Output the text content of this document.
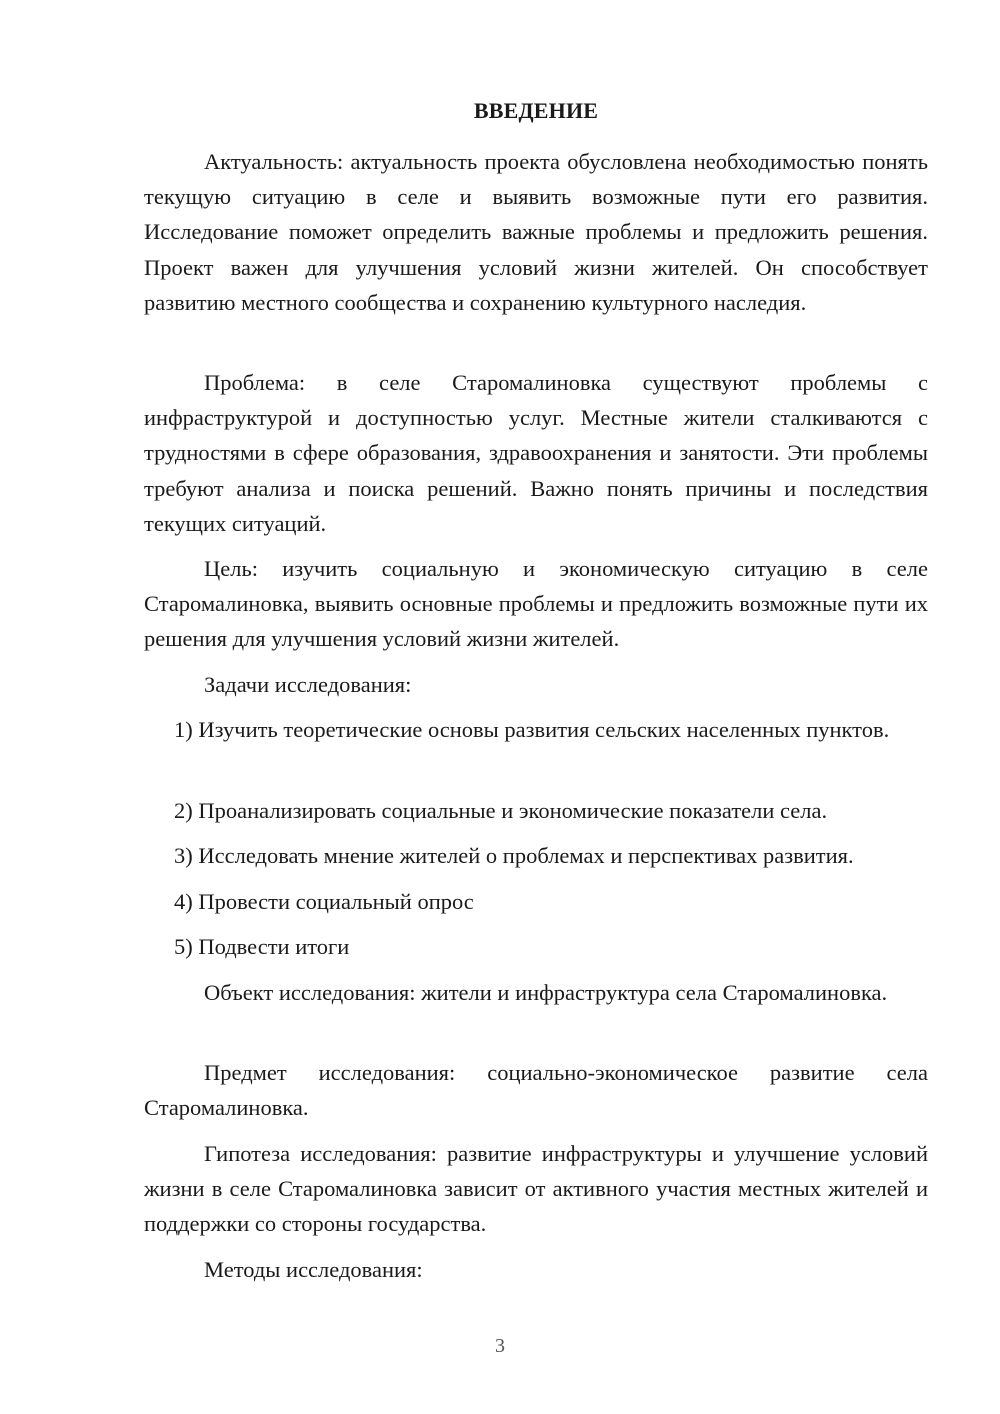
ВВЕДЕНИЕ

Актуальность: актуальность проекта обусловлена необходимостью понять текущую ситуацию в селе и выявить возможные пути его развития. Исследование поможет определить важные проблемы и предложить решения. Проект важен для улучшения условий жизни жителей. Он способствует развитию местного сообщества и сохранению культурного наследия.

Проблема: в селе Старомалиновка существуют проблемы с инфраструктурой и доступностью услуг. Местные жители сталкиваются с трудностями в сфере образования, здравоохранения и занятости. Эти проблемы требуют анализа и поиска решений. Важно понять причины и последствия текущих ситуаций.

Цель: изучить социальную и экономическую ситуацию в селе Старомалиновка, выявить основные проблемы и предложить возможные пути их решения для улучшения условий жизни жителей.

Задачи исследования:

1) Изучить теоретические основы развития сельских населенных пунктов.

2) Проанализировать социальные и экономические показатели села.

3) Исследовать мнение жителей о проблемах и перспективах развития.

4) Провести социальный опрос

5) Подвести итоги

Объект исследования: жители и инфраструктура села Старомалиновка.

Предмет исследования: социально-экономическое развитие села Старомалиновка.

Гипотеза исследования: развитие инфраструктуры и улучшение условий жизни в селе Старомалиновка зависит от активного участия местных жителей и поддержки со стороны государства.

Методы исследования:

3
